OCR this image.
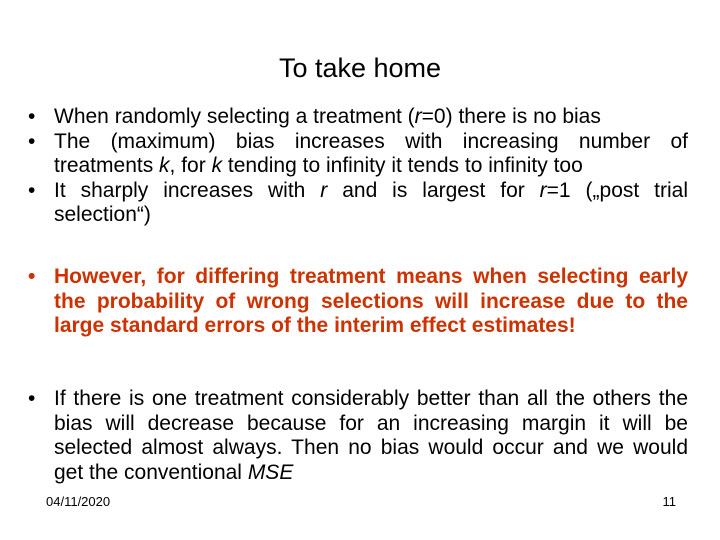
To take home
• When randomly selecting a treatment (r=0) there is no bias
• The (maximum) bias increases with increasing number of treatments k, for k tending to infinity it tends to infinity too
• It sharply increases with r and is largest for r=1 („post trial selection“)
• However, for differing treatment means when selecting early the probability of wrong selections will increase due to the large standard errors of the interim effect estimates!
• If there is one treatment considerably better than all the others the bias will decrease because for an increasing margin it will be selected almost always. Then no bias would occur and we would get the conventional MSE
04/11/2020	11
